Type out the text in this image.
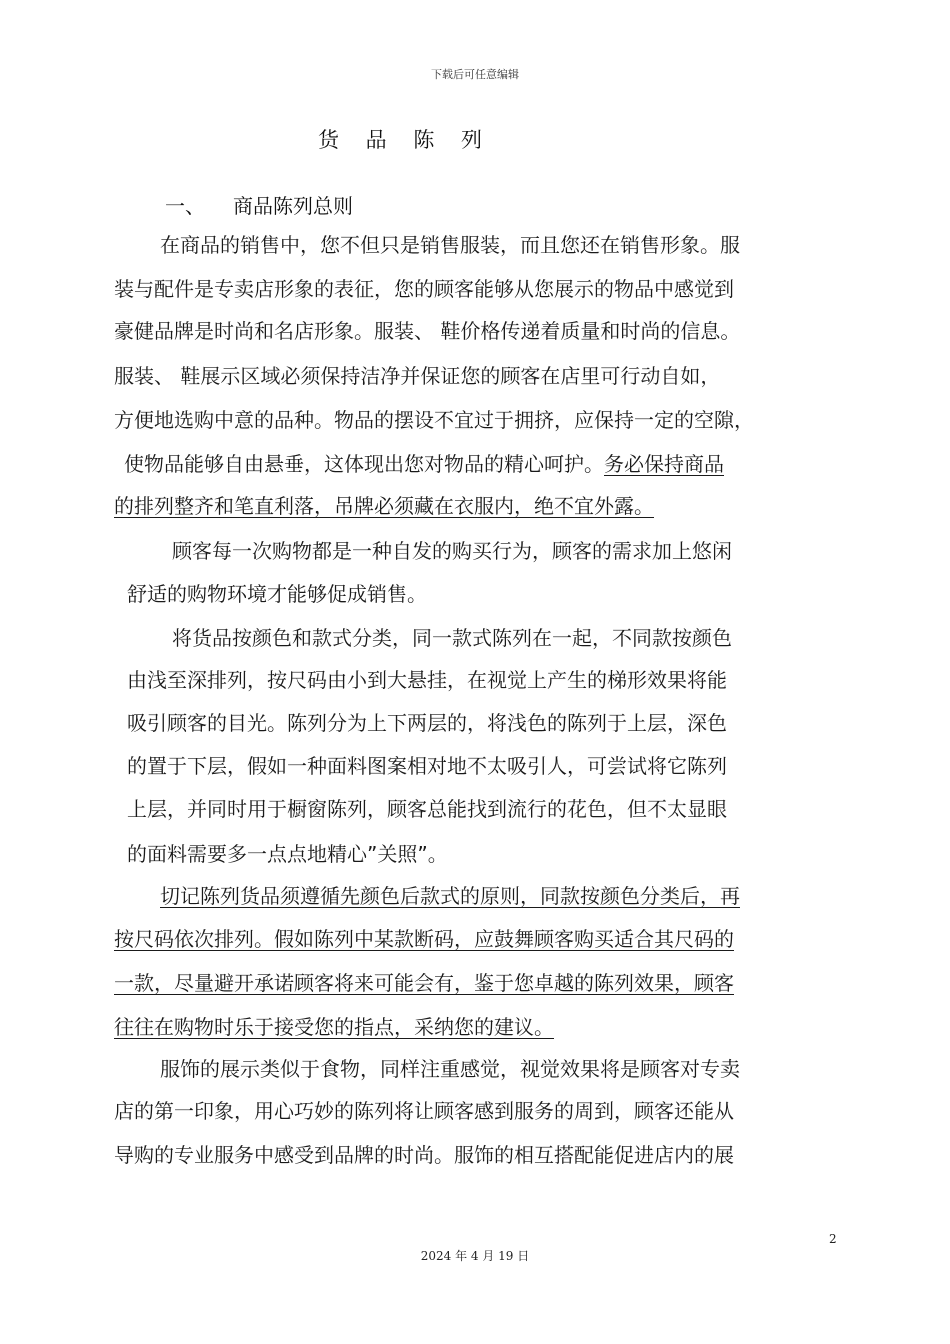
下载后可任意编辑
货 品 陈 列
一、 商品陈列总则
在商品的销售中，您不但只是销售服装，而且您还在销售形象。服
装与配件是专卖店形象的表征，您的顾客能够从您展示的物品中感觉到
豪健品牌是时尚和名店形象。服装、 鞋价格传递着质量和时尚的信息。
服装、 鞋展示区域必须保持洁净并保证您的顾客在店里可行动自如，
方便地选购中意的品种。物品的摆设不宜过于拥挤，应保持一定的空隙，
使物品能够自由悬垂，这体现出您对物品的精心呵护。务必保持商品
的排列整齐和笔直利落，吊牌必须藏在衣服内，绝不宜外露。
顾客每一次购物都是一种自发的购买行为，顾客的需求加上悠闲
舒适的购物环境才能够促成销售。
将货品按颜色和款式分类，同一款式陈列在一起，不同款按颜色
由浅至深排列，按尺码由小到大悬挂，在视觉上产生的梯形效果将能
吸引顾客的目光。陈列分为上下两层的，将浅色的陈列于上层，深色
的置于下层，假如一种面料图案相对地不太吸引人，可尝试将它陈列
上层，并同时用于橱窗陈列，顾客总能找到流行的花色，但不太显眼
的面料需要多一点点地精心”关照”。
切记陈列货品须遵循先颜色后款式的原则，同款按颜色分类后，再
按尺码依次排列。假如陈列中某款断码，应鼓舞顾客购买适合其尺码的
一款，尽量避开承诺顾客将来可能会有，鉴于您卓越的陈列效果，顾客
往往在购物时乐于接受您的指点，采纳您的建议。
服饰的展示类似于食物，同样注重感觉，视觉效果将是顾客对专卖
店的第一印象，用心巧妙的陈列将让顾客感到服务的周到，顾客还能从
导购的专业服务中感受到品牌的时尚。服饰的相互搭配能促进店内的展
2
2024 年 4 月 19 日
